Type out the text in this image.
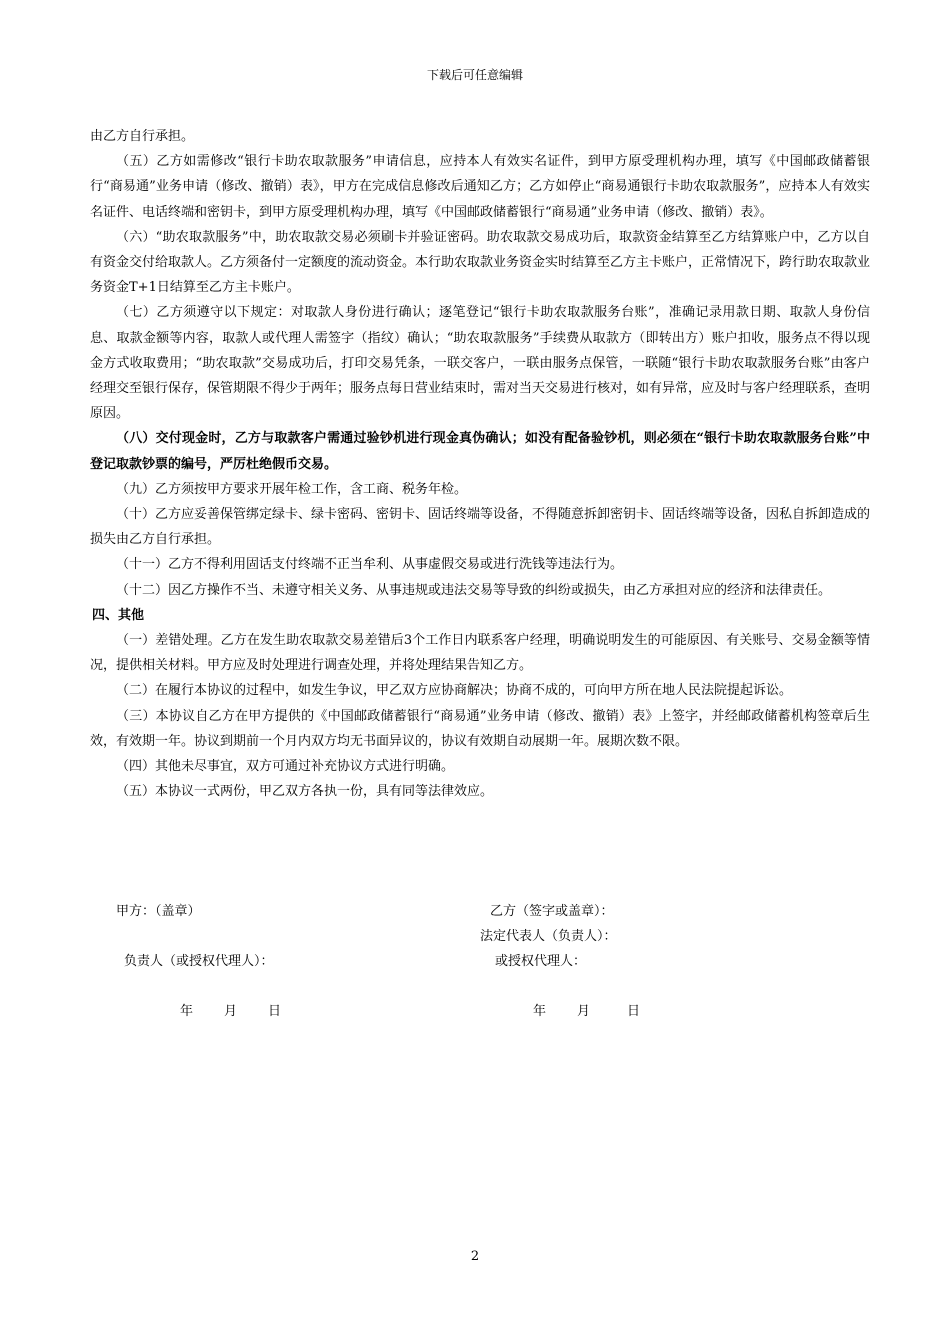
下载后可任意编辑

由乙方自行承担。

（五）乙方如需修改“银行卡助农取款服务”申请信息，应持本人有效实名证件，到甲方原受理机构办理，填写《中国邮政储蓄银行“商易通”业务申请（修改、撤销）表》，甲方在完成信息修改后通知乙方；乙方如停止“商易通银行卡助农取款服务”，应持本人有效实名证件、电话终端和密钥卡，到甲方原受理机构办理，填写《中国邮政储蓄银行“商易通”业务申请（修改、撤销）表》。

（六）“助农取款服务”中，助农取款交易必须刷卡并验证密码。助农取款交易成功后，取款资金结算至乙方结算账户中，乙方以自有资金交付给取款人。乙方须备付一定额度的流动资金。本行助农取款业务资金实时结算至乙方主卡账户，正常情况下，跨行助农取款业务资金T+1日结算至乙方主卡账户。

（七）乙方须遵守以下规定：对取款人身份进行确认；逐笔登记“银行卡助农取款服务台账”，准确记录用款日期、取款人身份信息、取款金额等内容，取款人或代理人需签字（指纹）确认；“助农取款服务”手续费从取款方（即转出方）账户扣收，服务点不得以现金方式收取费用；“助农取款”交易成功后，打印交易凭条，一联交客户，一联由服务点保管，一联随“银行卡助农取款服务台账”由客户经理交至银行保存，保管期限不得少于两年；服务点每日营业结束时，需对当天交易进行核对，如有异常，应及时与客户经理联系，查明原因。

（八）交付现金时，乙方与取款客户需通过验钞机进行现金真伪确认；如没有配备验钞机，则必须在“银行卡助农取款服务台账”中登记取款钞票的编号，严厉杜绝假币交易。

（九）乙方须按甲方要求开展年检工作，含工商、税务年检。

（十）乙方应妥善保管绑定绿卡、绿卡密码、密钥卡、固话终端等设备，不得随意拆卸密钥卡、固话终端等设备，因私自拆卸造成的损失由乙方自行承担。

（十一）乙方不得利用固话支付终端不正当牟利、从事虚假交易或进行洗钱等违法行为。

（十二）因乙方操作不当、未遵守相关义务、从事违规或违法交易等导致的纠纷或损失，由乙方承担对应的经济和法律责任。

四、其他

（一）差错处理。乙方在发生助农取款交易差错后3个工作日内联系客户经理，明确说明发生的可能原因、有关账号、交易金额等情况，提供相关材料。甲方应及时处理进行调查处理，并将处理结果告知乙方。

（二）在履行本协议的过程中，如发生争议，甲乙双方应协商解决；协商不成的，可向甲方所在地人民法院提起诉讼。

（三）本协议自乙方在甲方提供的《中国邮政储蓄银行“商易通”业务申请（修改、撤销）表》上签字，并经邮政储蓄机构签章后生效，有效期一年。协议到期前一个月内双方均无书面异议的，协议有效期自动展期一年。展期次数不限。

（四）其他未尽事宜，双方可通过补充协议方式进行明确。

（五）本协议一式两份，甲乙双方各执一份，具有同等法律效应。

甲方：（盖章）	乙方（签字或盖章）：
法定代表人（负责人）：
负责人（或授权代理人）：	或授权代理人：
年 月 日	年 月	日
2
